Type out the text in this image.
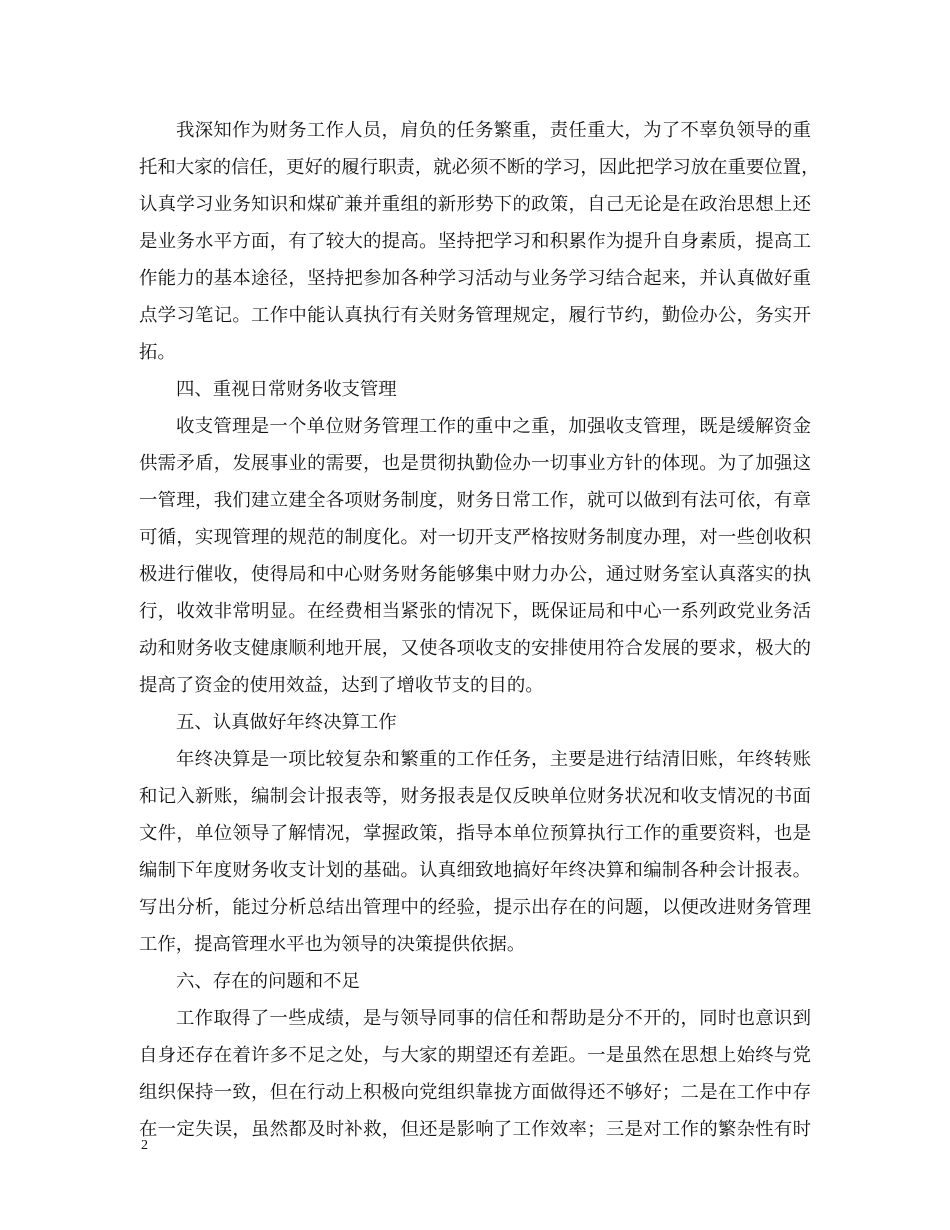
我深知作为财务工作人员，肩负的任务繁重，责任重大，为了不辜负领导的重
托和大家的信任，更好的履行职责，就必须不断的学习，因此把学习放在重要位置，
认真学习业务知识和煤矿兼并重组的新形势下的政策，自己无论是在政治思想上还
是业务水平方面，有了较大的提高。坚持把学习和积累作为提升自身素质，提高工
作能力的基本途径，坚持把参加各种学习活动与业务学习结合起来，并认真做好重
点学习笔记。工作中能认真执行有关财务管理规定，履行节约，勤俭办公，务实开
拓。
四、重视日常财务收支管理
收支管理是一个单位财务管理工作的重中之重，加强收支管理，既是缓解资金
供需矛盾，发展事业的需要，也是贯彻执勤俭办一切事业方针的体现。为了加强这
一管理，我们建立建全各项财务制度，财务日常工作，就可以做到有法可依，有章
可循，实现管理的规范的制度化。对一切开支严格按财务制度办理，对一些创收积
极进行催收，使得局和中心财务财务能够集中财力办公，通过财务室认真落实的执
行，收效非常明显。在经费相当紧张的情况下，既保证局和中心一系列政党业务活
动和财务收支健康顺利地开展，又使各项收支的安排使用符合发展的要求，极大的
提高了资金的使用效益，达到了增收节支的目的。
五、认真做好年终决算工作
年终决算是一项比较复杂和繁重的工作任务，主要是进行结清旧账，年终转账
和记入新账，编制会计报表等，财务报表是仅反映单位财务状况和收支情况的书面
文件，单位领导了解情况，掌握政策，指导本单位预算执行工作的重要资料，也是
编制下年度财务收支计划的基础。认真细致地搞好年终决算和编制各种会计报表。
写出分析，能过分析总结出管理中的经验，提示出存在的问题，以便改进财务管理
工作，提高管理水平也为领导的决策提供依据。
六、存在的问题和不足
工作取得了一些成绩，是与领导同事的信任和帮助是分不开的，同时也意识到
自身还存在着许多不足之处，与大家的期望还有差距。一是虽然在思想上始终与党
组织保持一致，但在行动上积极向党组织靠拢方面做得还不够好；二是在工作中存
在一定失误，虽然都及时补救，但还是影响了工作效率；三是对工作的繁杂性有时
2
